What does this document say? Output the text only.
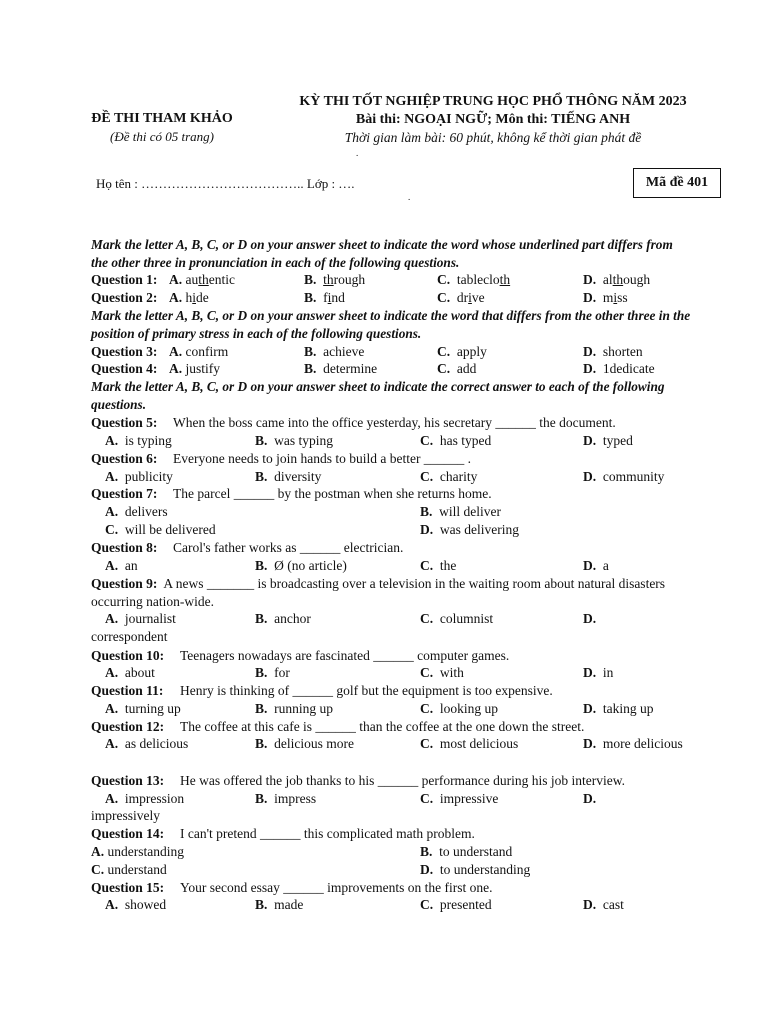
ĐỀ THI THAM KHẢO
(Đề thi có 05 trang)
KỲ THI TỐT NGHIỆP TRUNG HỌC PHỔ THÔNG NĂM 2023
Bài thi: NGOẠI NGỮ; Môn thi: TIẾNG ANH
Thời gian làm bài: 60 phút, không kể thời gian phát đề
.
Họ tên : ……………………………….. Lớp : ….
.
Mã đề 401
Mark the letter A, B, C, or D on your answer sheet to indicate the word whose underlined part differs from the other three in pronunciation in each of the following questions.
Question 1: A. authentic	B. through	C. tablecloth	D. although
Question 2: A. hide	B. find	C. drive	D. miss
Mark the letter A, B, C, or D on your answer sheet to indicate the word that differs from the other three in the position of primary stress in each of the following questions.
Question 3: A. confirm	B. achieve	C. apply	D. shorten
Question 4: A. justify	B. determine	C. add	D. 1dedicate
Mark the letter A, B, C, or D on your answer sheet to indicate the correct answer to each of the following questions.
Question 5: When the boss came into the office yesterday, his secretary ______ the document.
A. is typing	B. was typing	C. has typed	D. typed
Question 6: Everyone needs to join hands to build a better ______ .
A. publicity	B. diversity	C. charity	D. community
Question 7: The parcel ______ by the postman when she returns home.
A. delivers	B. will deliver
C. will be delivered	D. was delivering
Question 8: Carol's father works as ______ electrician.
A. an	B. Ø (no article)	C. the	D. a
Question 9: A news _______ is broadcasting over a television in the waiting room about natural disasters occurring nation-wide.
A. journalist	B. anchor	C. columnist	D.
correspondent
Question 10: Teenagers nowadays are fascinated ______ computer games.
A. about	B. for	C. with	D. in
Question 11: Henry is thinking of ______ golf but the equipment is too expensive.
A. turning up	B. running up	C. looking up	D. taking up
Question 12: The coffee at this cafe is ______ than the coffee at the one down the street.
A. as delicious	B. delicious more	C. most delicious	D. more delicious
Question 13: He was offered the job thanks to his ______ performance during his job interview.
A. impression	B. impress	C. impressive	D.
impressively
Question 14: I can't pretend ______ this complicated math problem.
A. understanding	B. to understand
C. understand	D. to understanding
Question 15: Your second essay ______ improvements on the first one.
A. showed	B. made	C. presented	D. cast
